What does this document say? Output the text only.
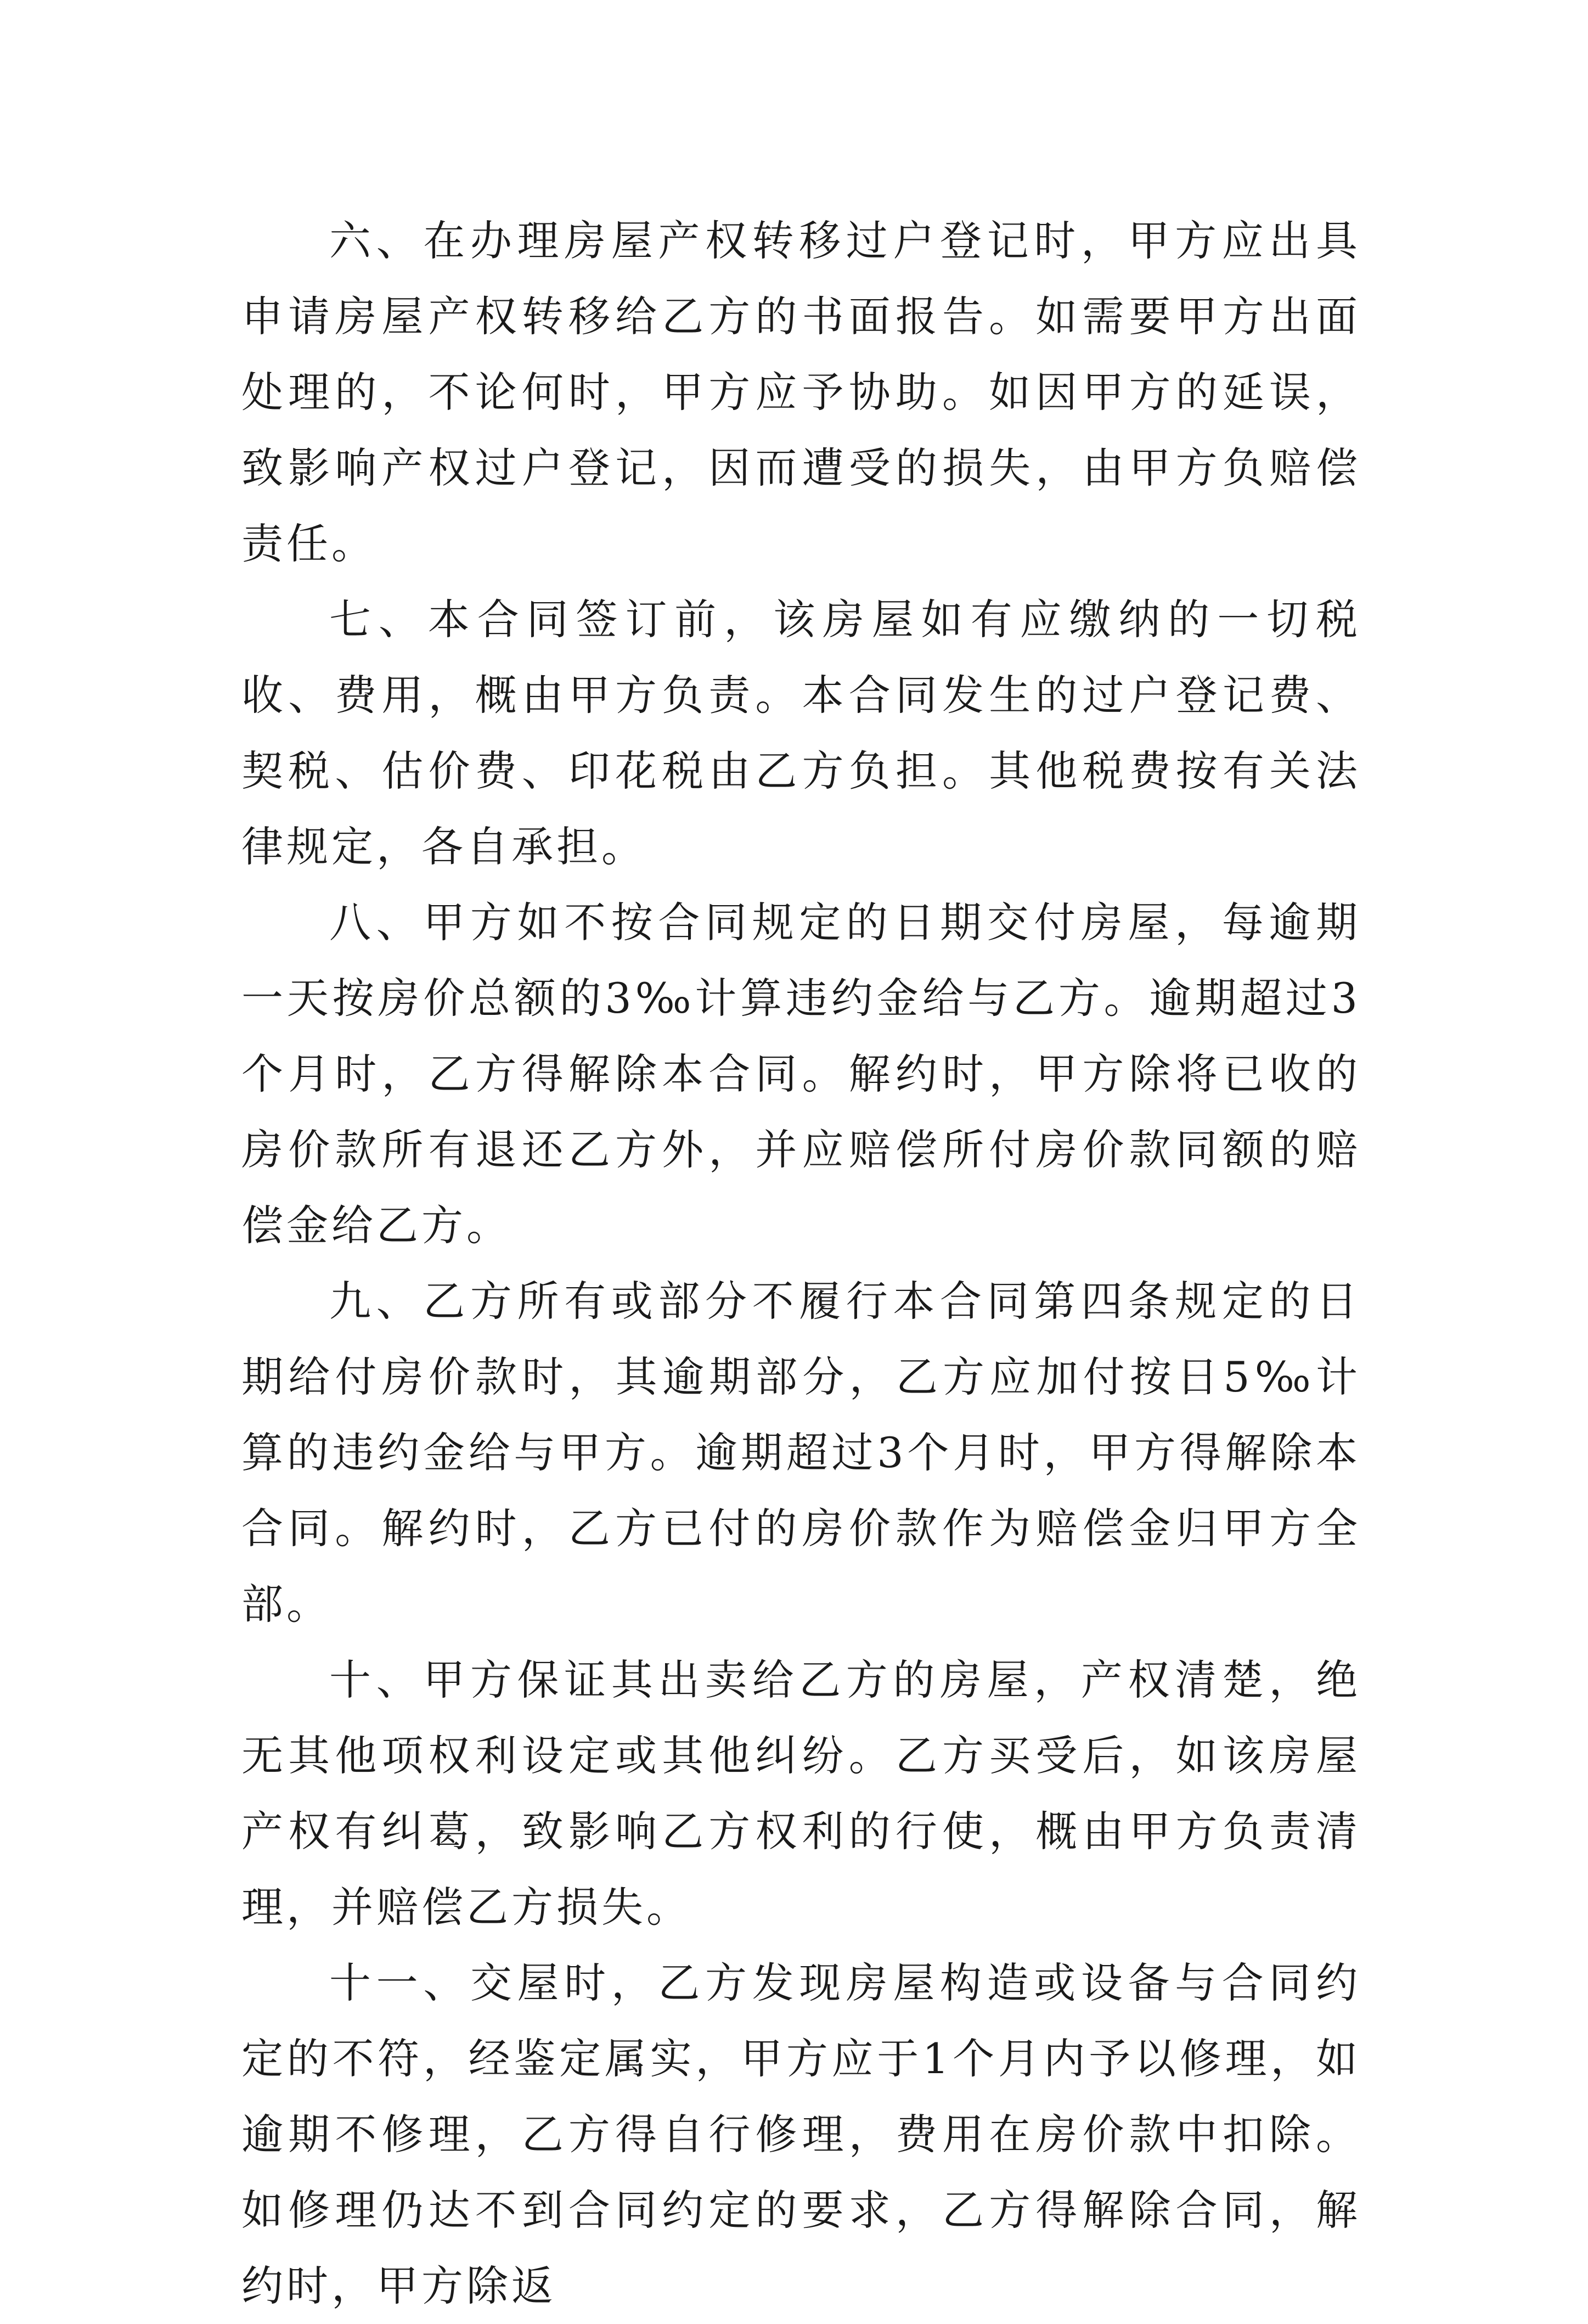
六、在办理房屋产权转移过户登记时，甲方应出具申请房屋产权转移给乙方的书面报告。如需要甲方出面处理的，不论何时，甲方应予协助。如因甲方的延误，致影响产权过户登记，因而遭受的损失，由甲方负赔偿责任。

七、本合同签订前，该房屋如有应缴纳的一切税收、费用，概由甲方负责。本合同发生的过户登记费、契税、估价费、印花税由乙方负担。其他税费按有关法律规定，各自承担。

八、甲方如不按合同规定的日期交付房屋，每逾期一天按房价总额的3‰计算违约金给与乙方。逾期超过3个月时，乙方得解除本合同。解约时，甲方除将已收的房价款所有退还乙方外，并应赔偿所付房价款同额的赔偿金给乙方。

九、乙方所有或部分不履行本合同第四条规定的日期给付房价款时，其逾期部分，乙方应加付按日5‰计算的违约金给与甲方。逾期超过3个月时，甲方得解除本合同。解约时，乙方已付的房价款作为赔偿金归甲方全部。

十、甲方保证其出卖给乙方的房屋，产权清楚，绝无其他项权利设定或其他纠纷。乙方买受后，如该房屋产权有纠葛，致影响乙方权利的行使，概由甲方负责清理，并赔偿乙方损失。

十一、交屋时，乙方发现房屋构造或设备与合同约定的不符，经鉴定属实，甲方应于1个月内予以修理，如逾期不修理，乙方得自行修理，费用在房价款中扣除。如修理仍达不到合同约定的要求，乙方得解除合同，解约时，甲方除返
